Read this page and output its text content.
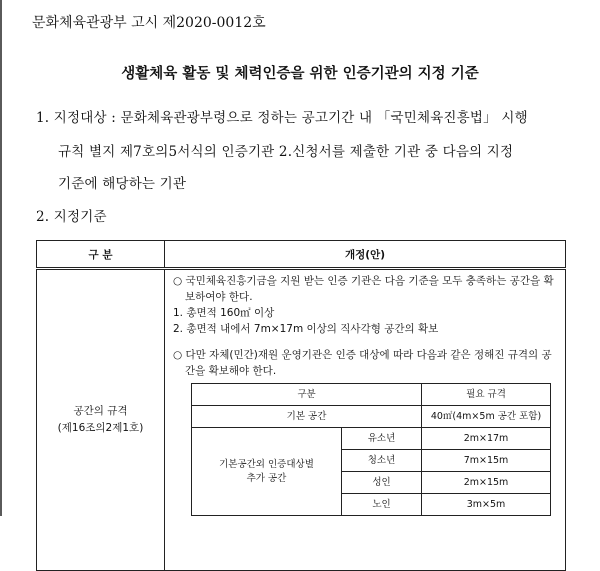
문화체육관광부 고시 제2020-0012호
생활체육 활동 및 체력인증을 위한 인증기관의 지정 기준
1. 지정대상 : 문화체육관광부령으로 정하는 공고기간 내 「국민체육진흥법」 시행
규칙 별지 제7호의5서식의 인증기관 2.신청서를 제출한 기관 중 다음의 지정
기준에 해당하는 기관
2. 지정기준
구 분	개정(안)

공간의 규격
(제16조의2제1호)

○ 국민체육진흥기금을 지원 받는 인증 기관은 다음 기준을 모두 충족하는 공간을 확보하여야 한다.
1. 총면적 160㎡ 이상
2. 총면적 내에서 7m×17m 이상의 직사각형 공간의 확보
○ 다만 자체(민간)재원 운영기관은 인증 대상에 따라 다음과 같은 정해진 규격의 공간을 확보해야 한다.
구분	필요 규격
기본 공간	40㎡(4m×5m 공간 포함)

기본공간외 인증대상별
추가 공간
	유소년	2m×17m
청소년	7m×15m
성인	2m×15m
노인	3m×5m
